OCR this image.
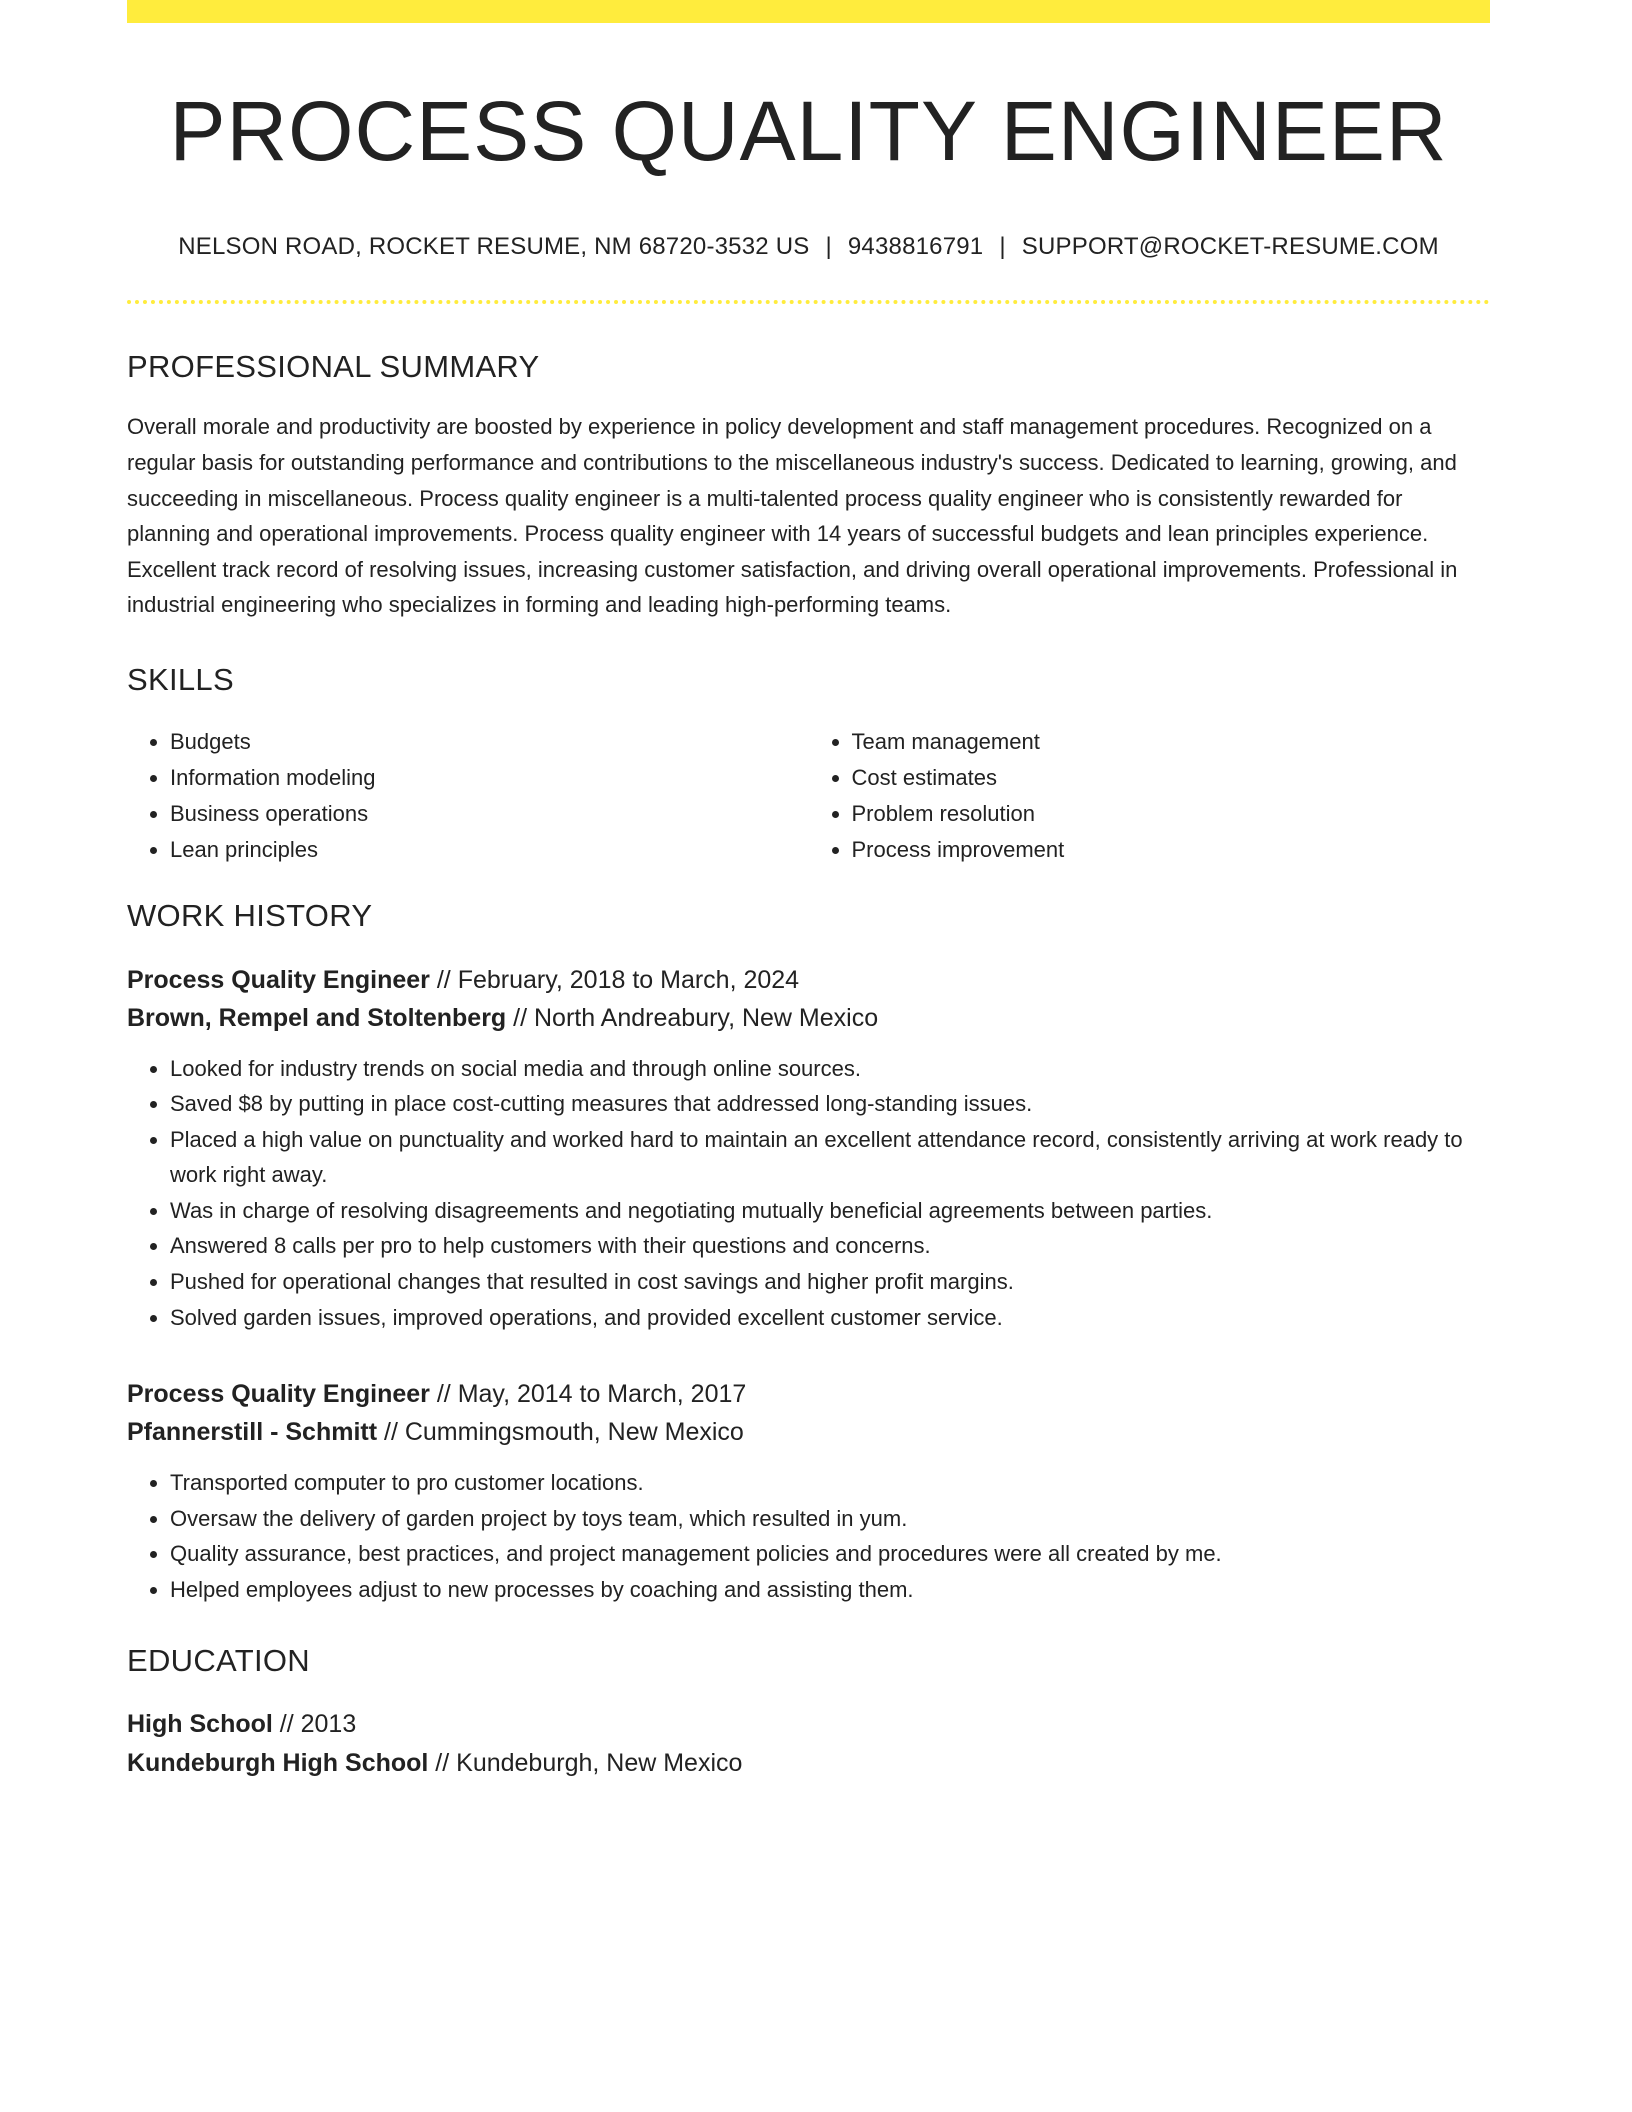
PROCESS QUALITY ENGINEER
NELSON ROAD, ROCKET RESUME, NM 68720-3532 US | 9438816791 | SUPPORT@ROCKET-RESUME.COM
PROFESSIONAL SUMMARY
Overall morale and productivity are boosted by experience in policy development and staff management procedures. Recognized on a regular basis for outstanding performance and contributions to the miscellaneous industry's success. Dedicated to learning, growing, and succeeding in miscellaneous. Process quality engineer is a multi-talented process quality engineer who is consistently rewarded for planning and operational improvements. Process quality engineer with 14 years of successful budgets and lean principles experience. Excellent track record of resolving issues, increasing customer satisfaction, and driving overall operational improvements. Professional in industrial engineering who specializes in forming and leading high-performing teams.
SKILLS
• Budgets
• Information modeling
• Business operations
• Lean principles
• Team management
• Cost estimates
• Problem resolution
• Process improvement
WORK HISTORY
Process Quality Engineer // February, 2018 to March, 2024
Brown, Rempel and Stoltenberg // North Andreabury, New Mexico
• Looked for industry trends on social media and through online sources.
• Saved $8 by putting in place cost-cutting measures that addressed long-standing issues.
• Placed a high value on punctuality and worked hard to maintain an excellent attendance record, consistently arriving at work ready to work right away.
• Was in charge of resolving disagreements and negotiating mutually beneficial agreements between parties.
• Answered 8 calls per pro to help customers with their questions and concerns.
• Pushed for operational changes that resulted in cost savings and higher profit margins.
• Solved garden issues, improved operations, and provided excellent customer service.
Process Quality Engineer // May, 2014 to March, 2017
Pfannerstill - Schmitt // Cummingsmouth, New Mexico
• Transported computer to pro customer locations.
• Oversaw the delivery of garden project by toys team, which resulted in yum.
• Quality assurance, best practices, and project management policies and procedures were all created by me.
• Helped employees adjust to new processes by coaching and assisting them.
EDUCATION
High School // 2013
Kundeburgh High School // Kundeburgh, New Mexico
